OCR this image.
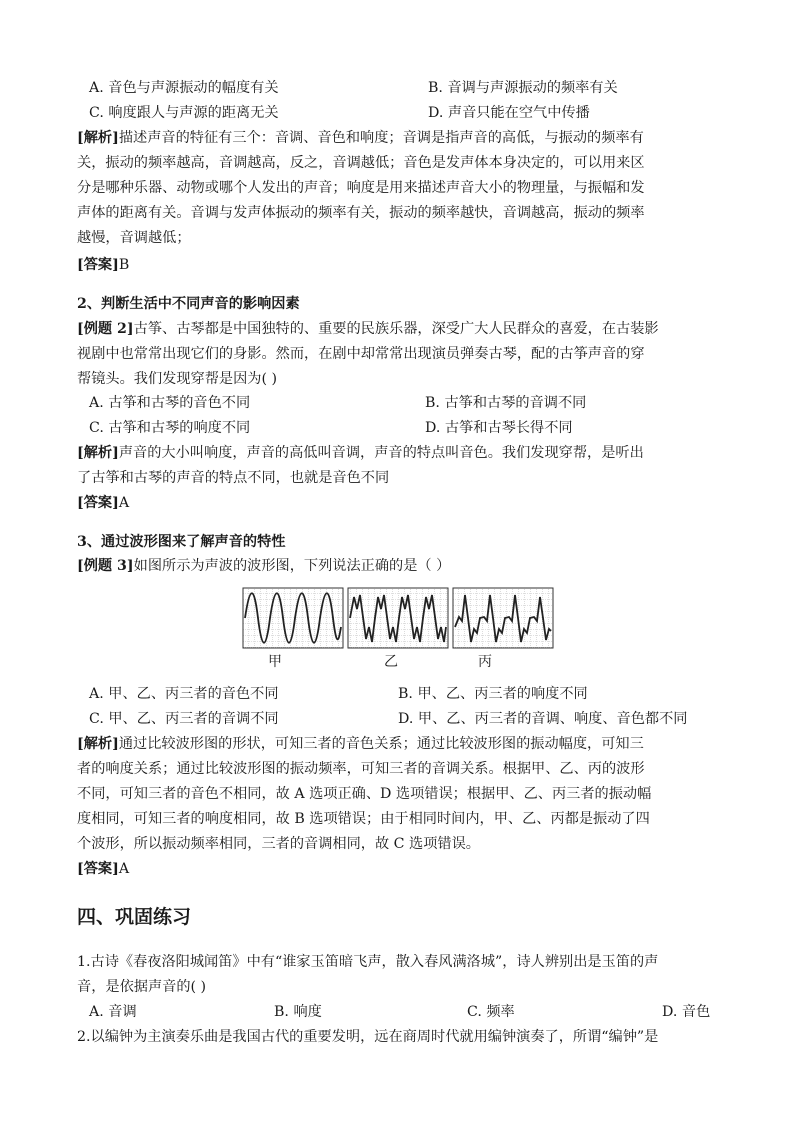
A. 音色与声源振动的幅度有关	B. 音调与声源振动的频率有关
C. 响度跟人与声源的距离无关	D. 声音只能在空气中传播
[解析]描述声音的特征有三个：音调、音色和响度；音调是指声音的高低，与振动的频率有
关，振动的频率越高，音调越高，反之，音调越低；音色是发声体本身决定的，可以用来区
分是哪种乐器、动物或哪个人发出的声音；响度是用来描述声音大小的物理量，与振幅和发
声体的距离有关。音调与发声体振动的频率有关，振动的频率越快，音调越高，振动的频率
越慢，音调越低；
[答案]B
2、判断生活中不同声音的影响因素
[例题 2]古筝、古琴都是中国独特的、重要的民族乐器，深受广大人民群众的喜爱，在古装影
视剧中也常常出现它们的身影。然而，在剧中却常常出现演员弹奏古琴，配的古筝声音的穿
帮镜头。我们发现穿帮是因为( )
A. 古筝和古琴的音色不同	B. 古筝和古琴的音调不同
C. 古筝和古琴的响度不同	D. 古筝和古琴长得不同
[解析]声音的大小叫响度，声音的高低叫音调，声音的特点叫音色。我们发现穿帮，是听出
了古筝和古琴的声音的特点不同，也就是音色不同
[答案]A
3、通过波形图来了解声音的特性
[例题 3]如图所示为声波的波形图，下列说法正确的是（ ）
甲	乙	丙
A. 甲、乙、丙三者的音色不同	B. 甲、乙、丙三者的响度不同
C. 甲、乙、丙三者的音调不同	D. 甲、乙、丙三者的音调、响度、音色都不同
[解析]通过比较波形图的形状，可知三者的音色关系；通过比较波形图的振动幅度，可知三
者的响度关系；通过比较波形图的振动频率，可知三者的音调关系。根据甲、乙、丙的波形
不同，可知三者的音色不相同，故 A 选项正确、D 选项错误；根据甲、乙、丙三者的振动幅
度相同，可知三者的响度相同，故 B 选项错误；由于相同时间内，甲、乙、丙都是振动了四
个波形，所以振动频率相同，三者的音调相同，故 C 选项错误。
[答案]A
四、巩固练习
1.古诗《春夜洛阳城闻笛》中有“谁家玉笛暗飞声，散入春风满洛城”，诗人辨别出是玉笛的声
音，是依据声音的( )
A. 音调	B. 响度	C. 频率	D. 音色
2.以编钟为主演奏乐曲是我国古代的重要发明，远在商周时代就用编钟演奏了，所谓“编钟”是
